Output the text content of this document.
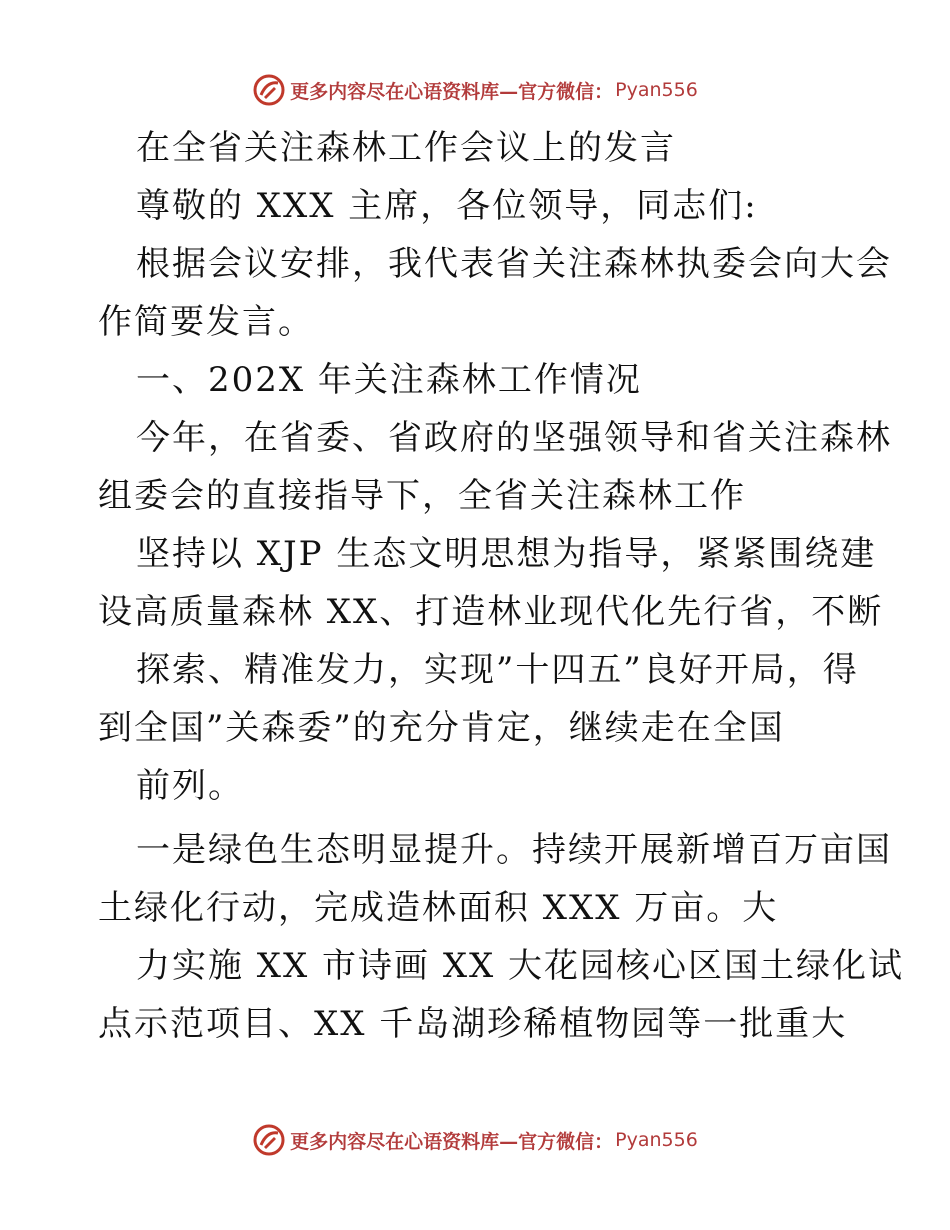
更多内容尽在心语资料库—官方微信： Pyan556
在全省关注森林工作会议上的发言
尊敬的 XXX 主席，各位领导，同志们:
根据会议安排，我代表省关注森林执委会向大会
作简要发言。
一、202X 年关注森林工作情况
今年，在省委、省政府的坚强领导和省关注森林
组委会的直接指导下，全省关注森林工作
坚持以 XJP 生态文明思想为指导，紧紧围绕建
设高质量森林 XX、打造林业现代化先行省，不断
探索、精准发力，实现”十四五”良好开局，得
到全国”关森委”的充分肯定，继续走在全国
前列。
一是绿色生态明显提升。持续开展新增百万亩国
土绿化行动，完成造林面积 XXX 万亩。大
力实施 XX 市诗画 XX 大花园核心区国土绿化试
点示范项目、XX 千岛湖珍稀植物园等一批重大
更多内容尽在心语资料库—官方微信： Pyan556
